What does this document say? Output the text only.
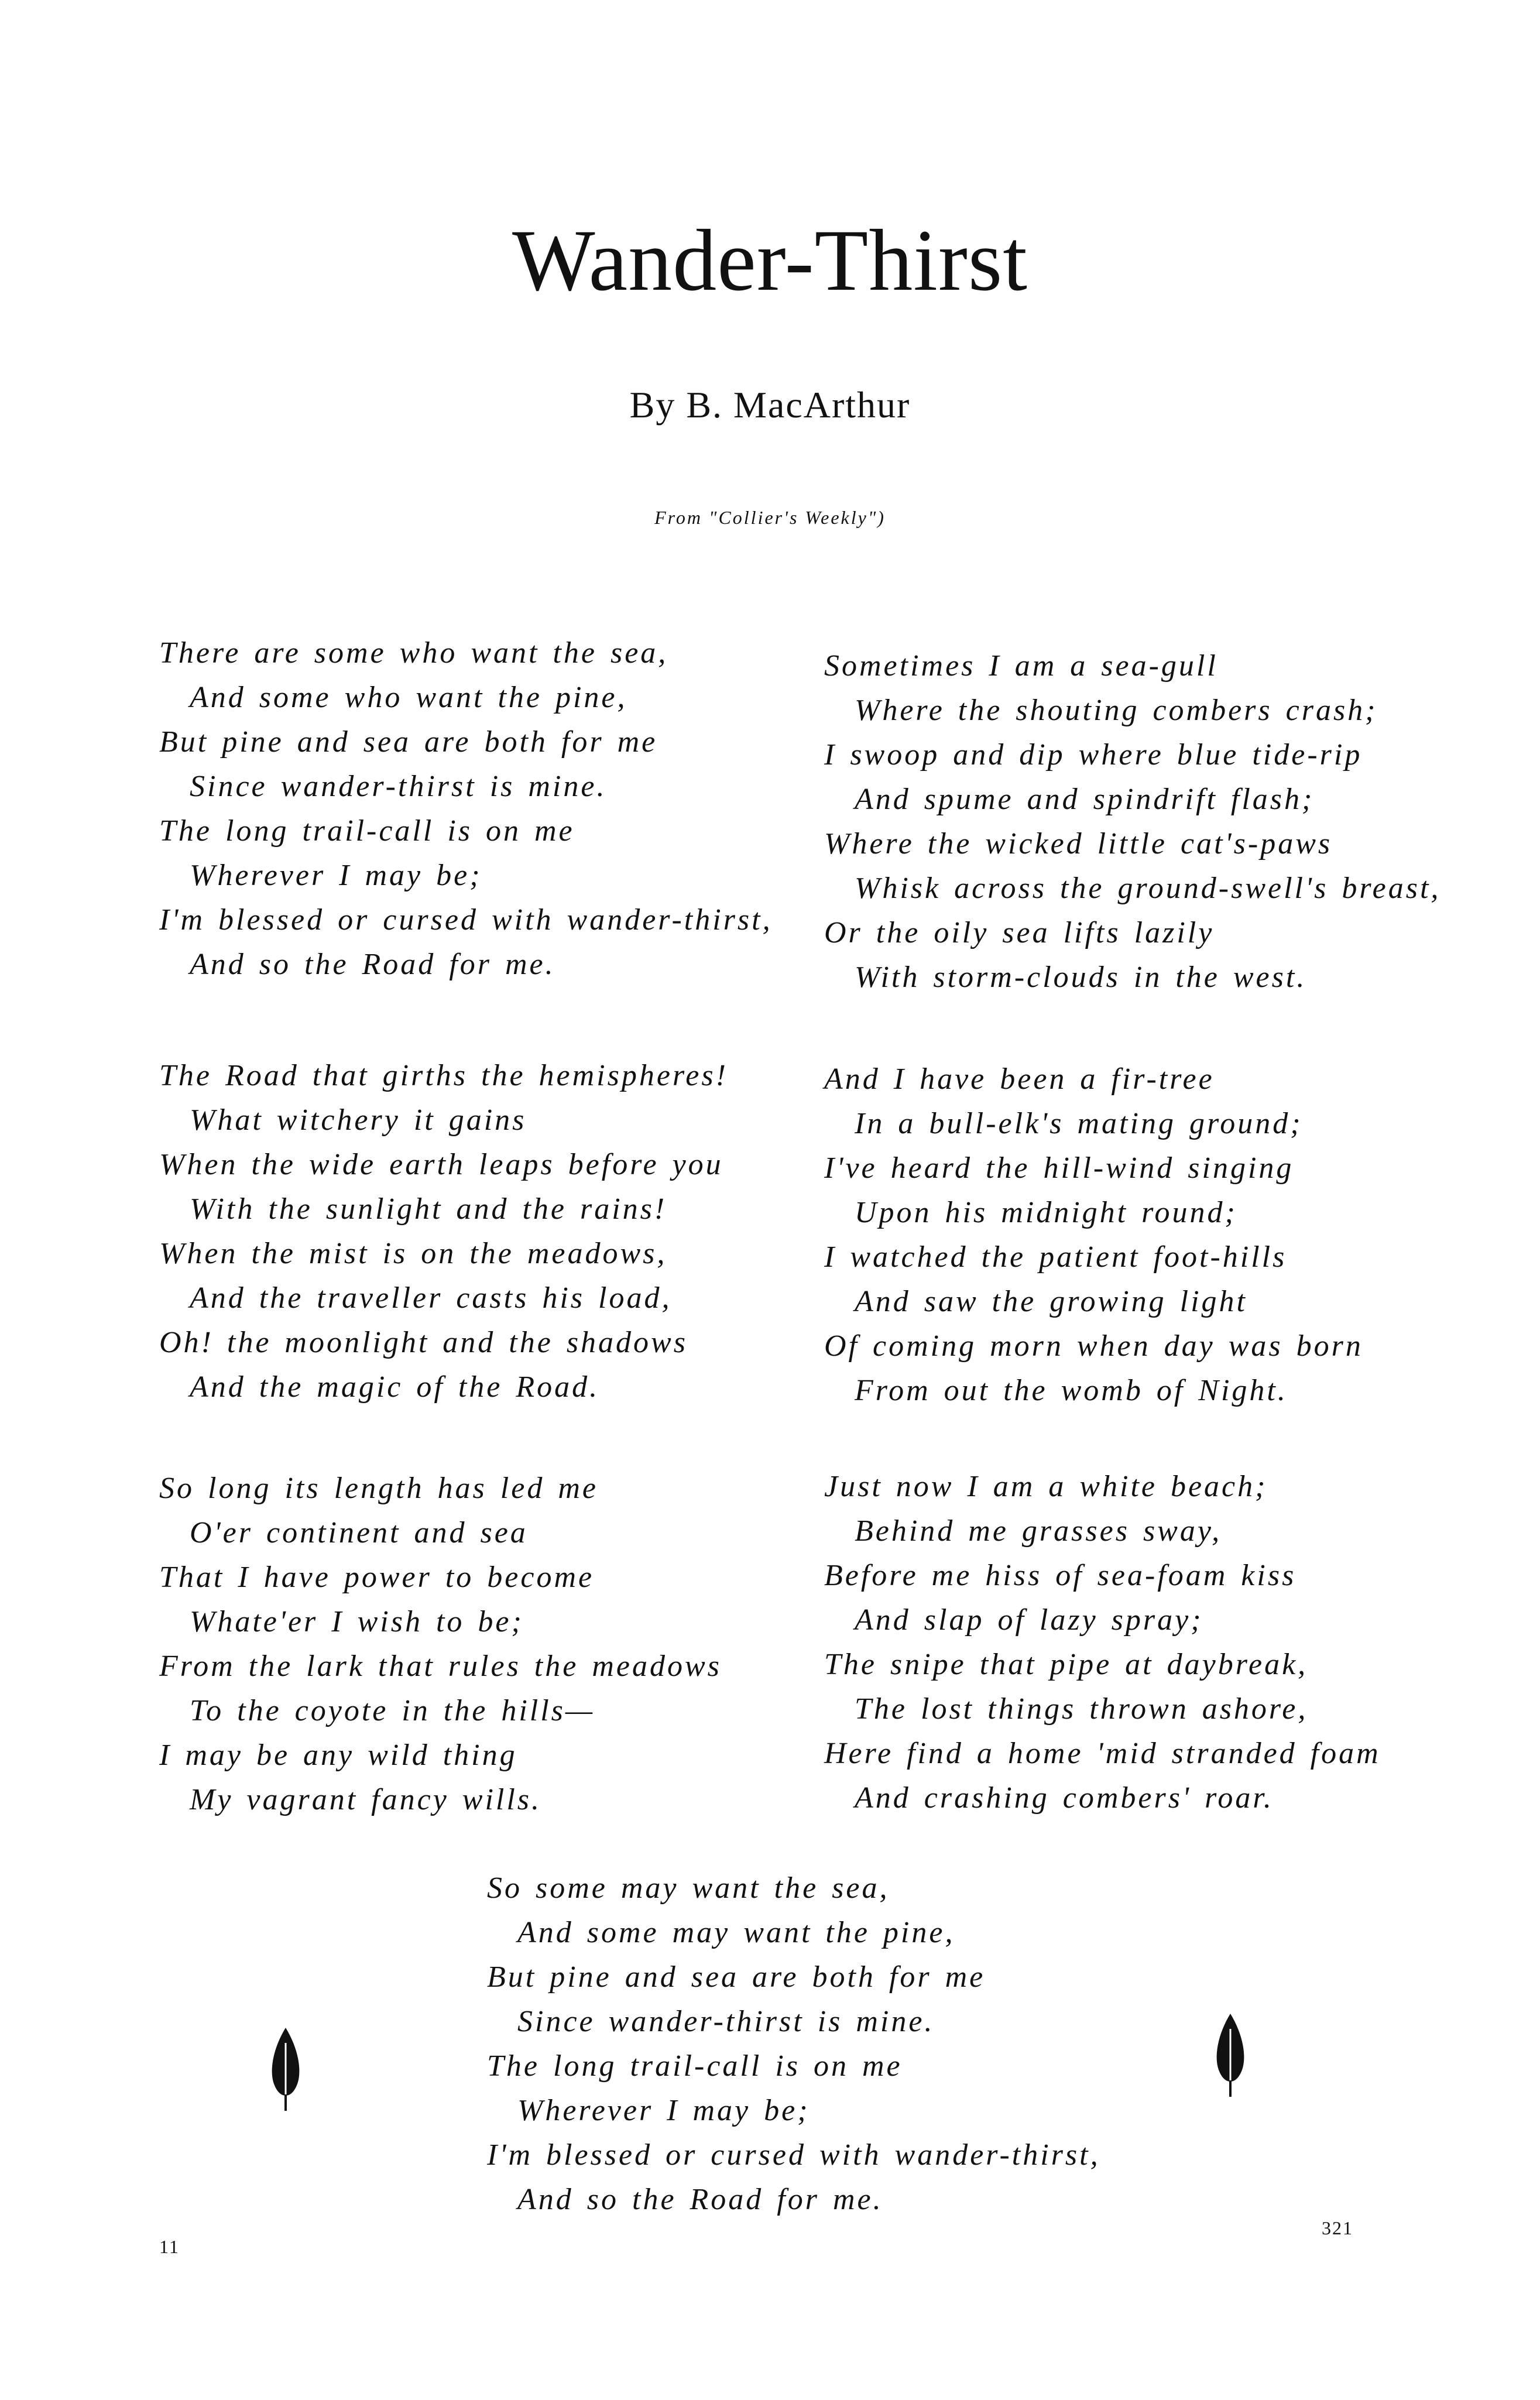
Wander-Thirst
By B. MacArthur
From "Collier's Weekly")
There are some who want the sea,
And some who want the pine,
But pine and sea are both for me
Since wander-thirst is mine.
The long trail-call is on me
Wherever I may be;
I'm blessed or cursed with wander-thirst,
And so the Road for me.
The Road that girths the hemispheres!
What witchery it gains
When the wide earth leaps before you
With the sunlight and the rains!
When the mist is on the meadows,
And the traveller casts his load,
Oh! the moonlight and the shadows
And the magic of the Road.
So long its length has led me
O'er continent and sea
That I have power to become
Whate'er I wish to be;
From the lark that rules the meadows
To the coyote in the hills—
I may be any wild thing
My vagrant fancy wills.
Sometimes I am a sea-gull
Where the shouting combers crash;
I swoop and dip where blue tide-rip
And spume and spindrift flash;
Where the wicked little cat's-paws
Whisk across the ground-swell's breast,
Or the oily sea lifts lazily
With storm-clouds in the west.
And I have been a fir-tree
In a bull-elk's mating ground;
I've heard the hill-wind singing
Upon his midnight round;
I watched the patient foot-hills
And saw the growing light
Of coming morn when day was born
From out the womb of Night.
Just now I am a white beach;
Behind me grasses sway,
Before me hiss of sea-foam kiss
And slap of lazy spray;
The snipe that pipe at daybreak,
The lost things thrown ashore,
Here find a home 'mid stranded foam
And crashing combers' roar.
So some may want the sea,
And some may want the pine,
But pine and sea are both for me
Since wander-thirst is mine.
The long trail-call is on me
Wherever I may be;
I'm blessed or cursed with wander-thirst,
And so the Road for me.
11
321
